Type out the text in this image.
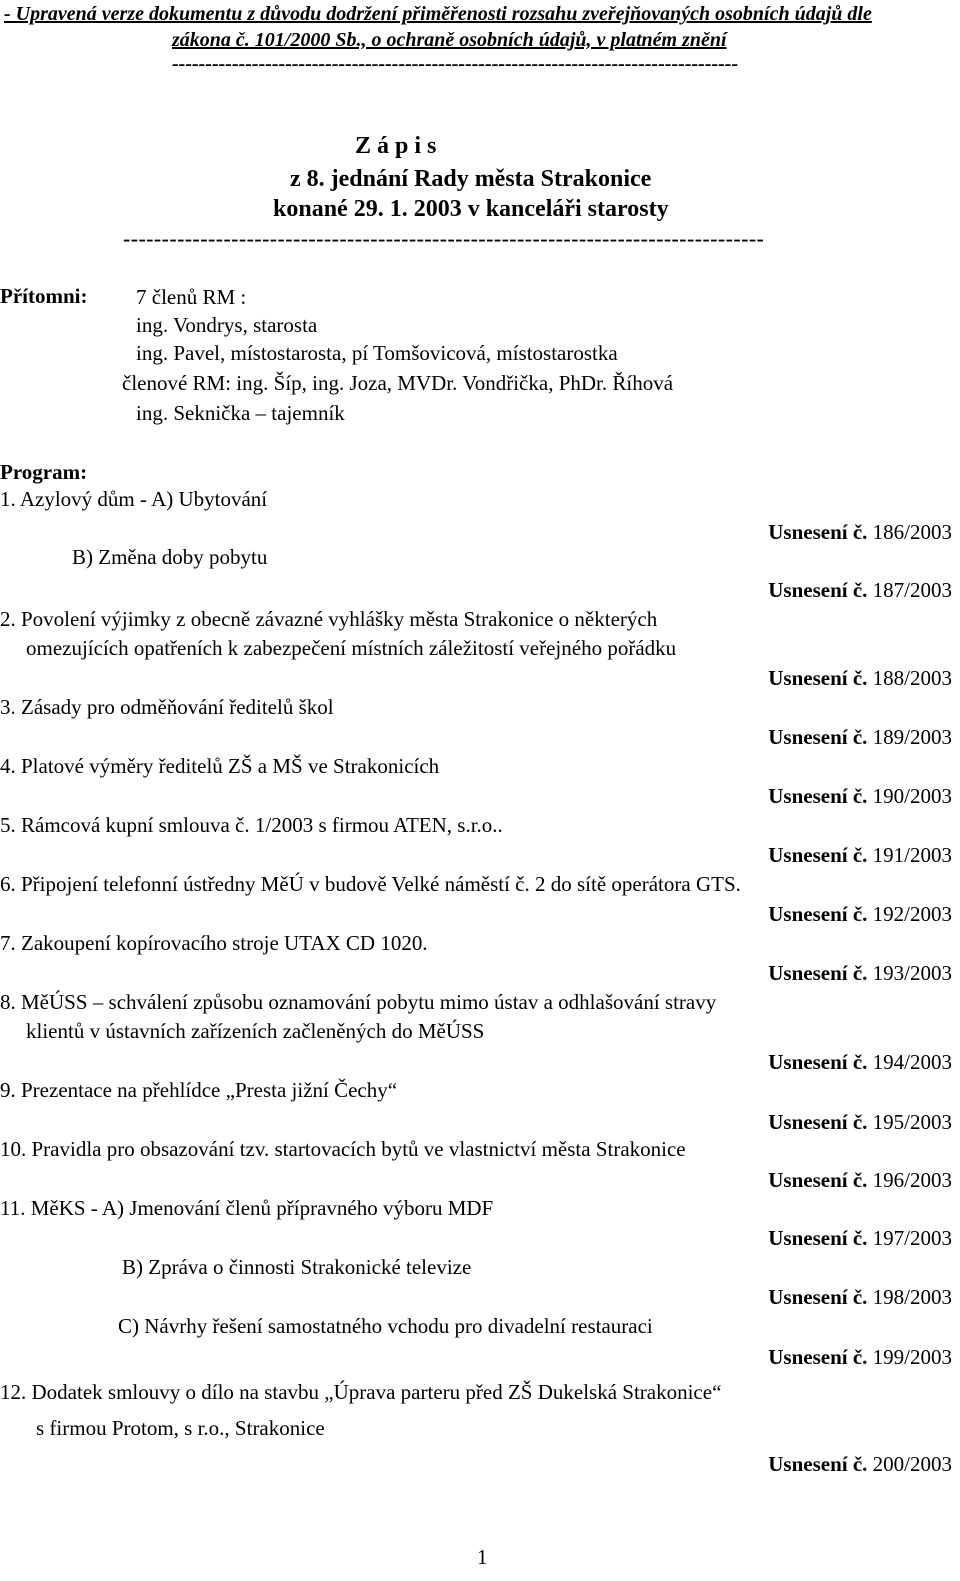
- Upravená verze dokumentu z důvodu dodržení přiměřenosti rozsahu zveřejňovaných osobních údajů dle
zákona č. 101/2000 Sb., o ochraně osobních údajů, v platném znění
-------------------------------------------------------------------------------------
Z á p i s
z 8. jednání Rady města Strakonice
konané 29. 1. 2003 v kanceláři starosty
-----------------------------------------------------------------------------------
Přítomni: 7 členů RM :
ing. Vondrys, starosta
ing. Pavel, místostarosta, pí Tomšovicová, místostarostka
členové RM: ing. Šíp, ing. Joza, MVDr. Vondřička, PhDr. Říhová
ing. Seknička – tajemník
Program:
1. Azylový dům - A) Ubytování
Usnesení č. 186/2003
B) Změna doby pobytu
Usnesení č. 187/2003
2. Povolení výjimky z obecně závazné vyhlášky města Strakonice o některých
omezujících opatřeních k zabezpečení místních záležitostí veřejného pořádku
Usnesení č. 188/2003
3. Zásady pro odměňování ředitelů škol
Usnesení č. 189/2003
4. Platové výměry ředitelů ZŠ a MŠ ve Strakonicích
Usnesení č. 190/2003
5. Rámcová kupní smlouva č. 1/2003 s firmou ATEN, s.r.o..
Usnesení č. 191/2003
6. Připojení telefonní ústředny MěÚ v budově Velké náměstí č. 2 do sítě operátora GTS.
Usnesení č. 192/2003
7. Zakoupení kopírovacího stroje UTAX CD 1020.
Usnesení č. 193/2003
8. MěÚSS – schválení způsobu oznamování pobytu mimo ústav a odhlašování stravy
klientů v ústavních zařízeních začleněných do MěÚSS
Usnesení č. 194/2003
9. Prezentace na přehlídce „Presta jižní Čechy“
Usnesení č. 195/2003
10. Pravidla pro obsazování tzv. startovacích bytů ve vlastnictví města Strakonice
Usnesení č. 196/2003
11. MěKS - A) Jmenování členů přípravného výboru MDF
Usnesení č. 197/2003
B) Zpráva o činnosti Strakonické televize
Usnesení č. 198/2003
C) Návrhy řešení samostatného vchodu pro divadelní restauraci
Usnesení č. 199/2003
12. Dodatek smlouvy o dílo na stavbu „Úprava parteru před ZŠ Dukelská Strakonice“
s firmou Protom, s r.o., Strakonice
Usnesení č. 200/2003
1
